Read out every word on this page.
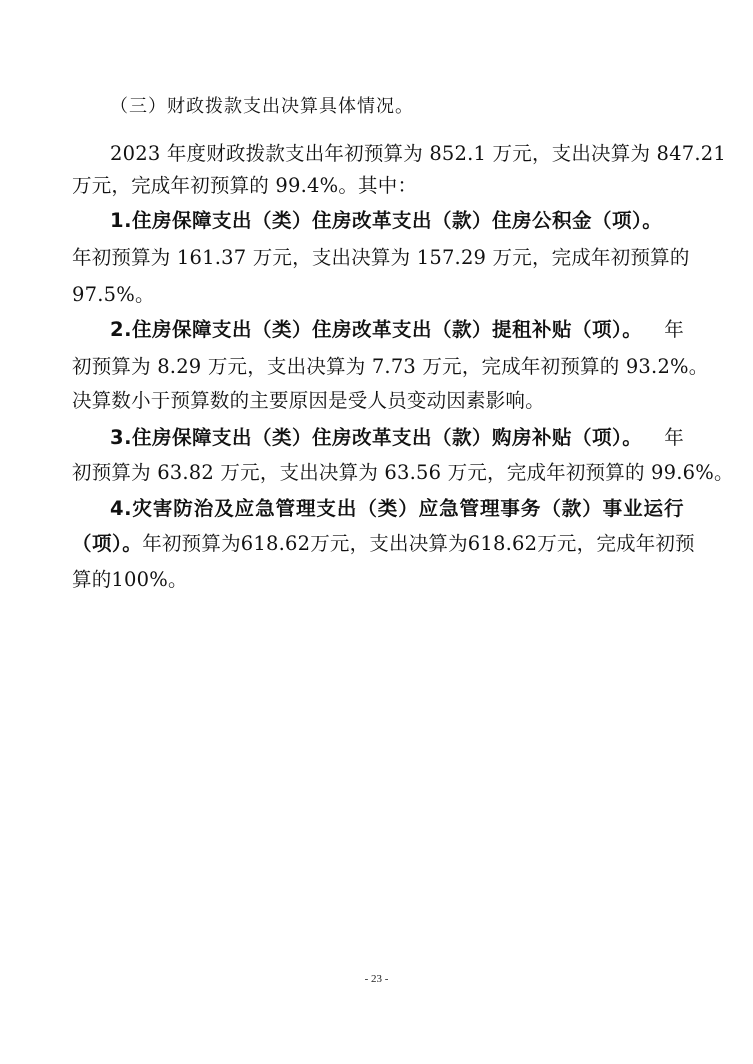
（三）财政拨款支出决算具体情况。
2023 年度财政拨款支出年初预算为 852.1 万元，支出决算为 847.21
万元，完成年初预算的 99.4%。其中：
1.住房保障支出（类）住房改革支出（款）住房公积金（项）。
年初预算为 161.37 万元，支出决算为 157.29 万元，完成年初预算的
97.5%。
2.住房保障支出（类）住房改革支出（款）提租补贴（项）。 年
初预算为 8.29 万元，支出决算为 7.73 万元，完成年初预算的 93.2%。
决算数小于预算数的主要原因是受人员变动因素影响。
3.住房保障支出（类）住房改革支出（款）购房补贴（项）。 年
初预算为 63.82 万元，支出决算为 63.56 万元，完成年初预算的 99.6%。
4.灾害防治及应急管理支出（类）应急管理事务（款）事业运行
（项）。年初预算为618.62万元，支出决算为618.62万元，完成年初预
算的100%。
- 23 -
